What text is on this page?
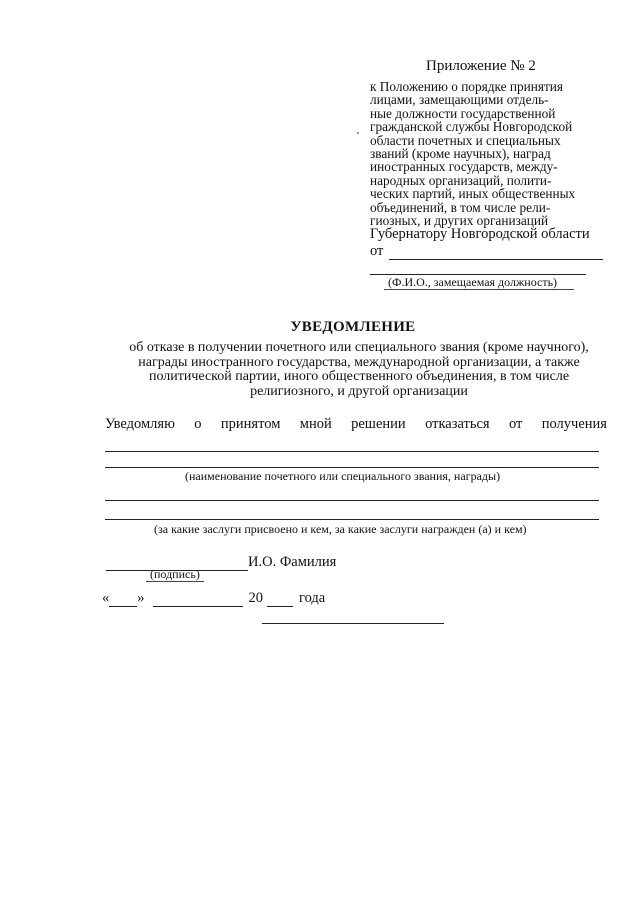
Приложение № 2
к Положению о порядке принятия
лицами, замещающими отдель-
ные должности государственной
гражданской службы Новгородской
области почетных и специальных
званий (кроме научных), наград
иностранных государств, между-
народных организаций, полити-
ческих партий, иных общественных
объединений, в том числе рели-
гиозных, и других организаций
Губернатору Новгородской области
от
(Ф.И.О., замещаемая должность)
УВЕДОМЛЕНИЕ
об отказе в получении почетного или специального звания (кроме научного),
награды иностранного государства, международной организации, а также
политической партии, иного общественного объединения, в том числе
религиозного, и другой организации
Уведомляю о принятом мной решении отказаться от получения
(наименование почетного или специального звания, награды)
(за какие заслуги присвоено и кем, за какие заслуги награжден (а) и кем)
И.О. Фамилия
(подпись)
« »	20 года
